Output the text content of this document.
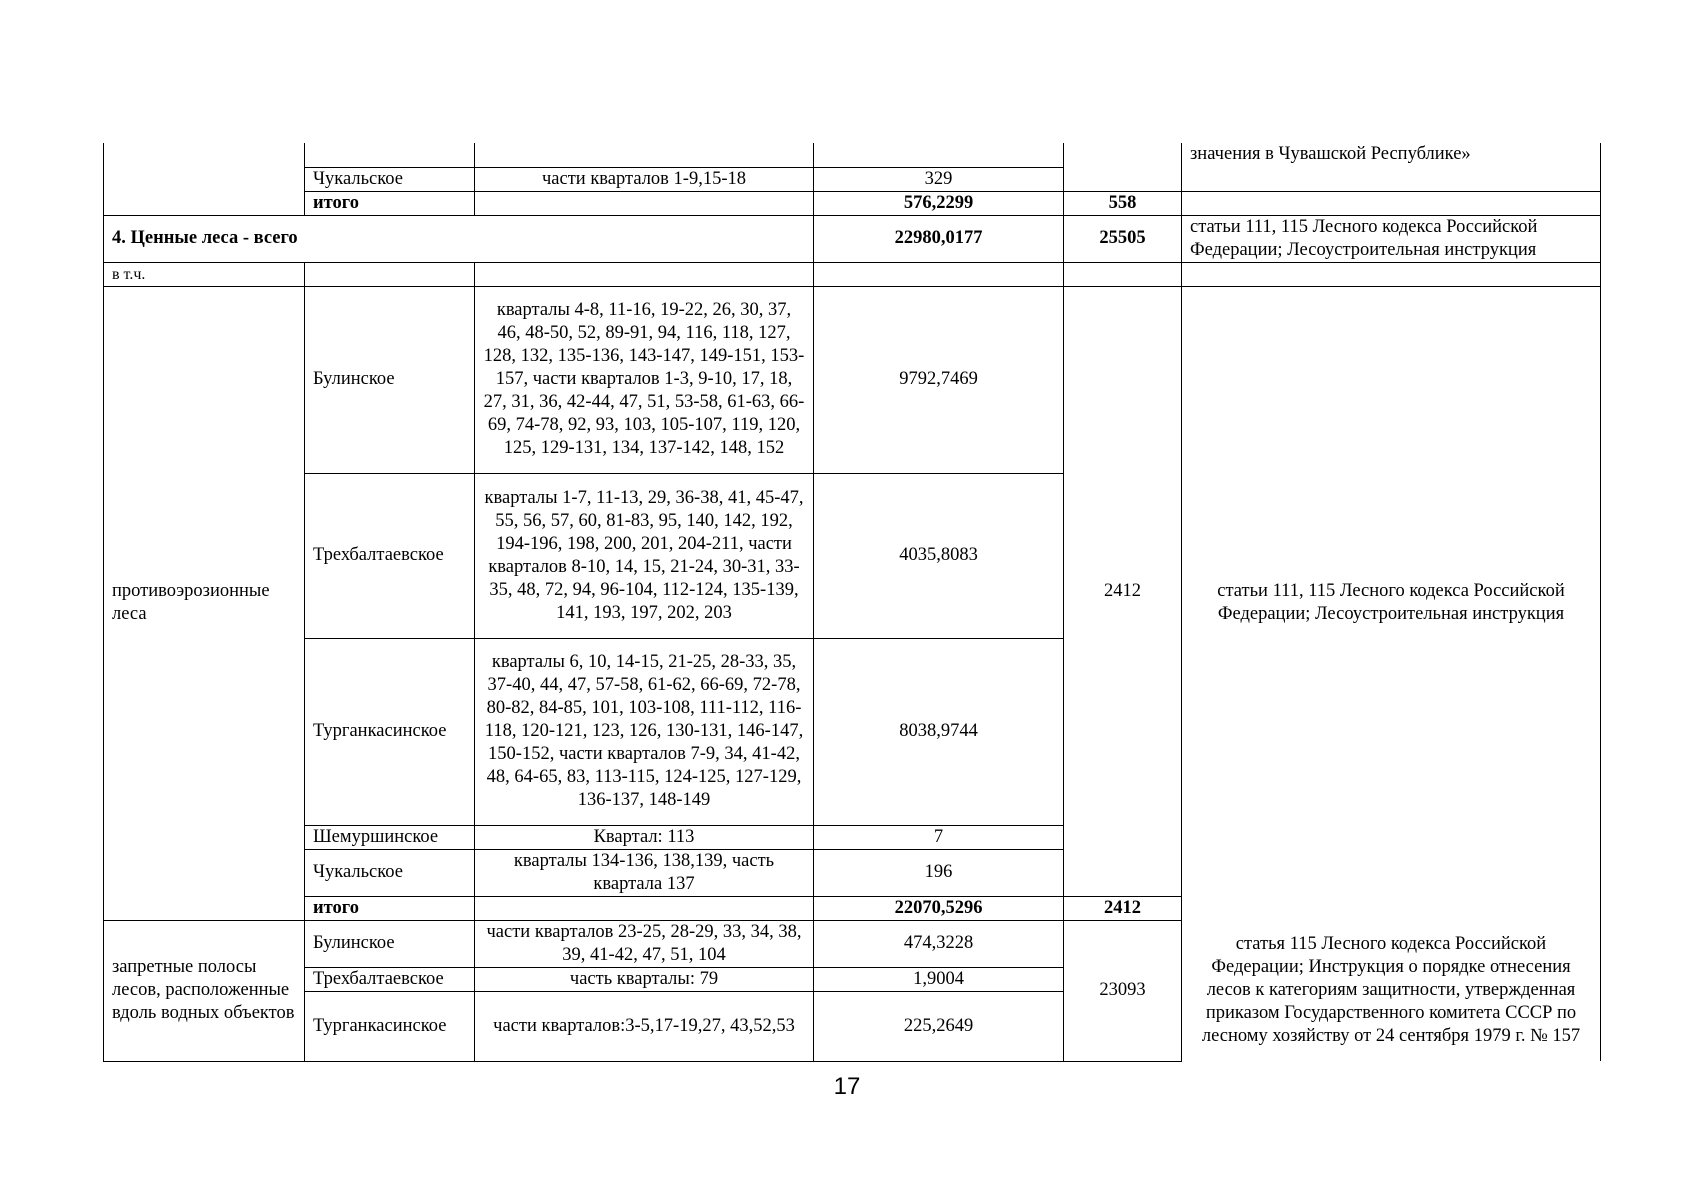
					значения в Чувашской Республике»
	Чукальское	части кварталов 1-9,15-18	329		
	итого		576,2299	558	
4. Ценные леса - всего			22980,0177	25505	статьи 111, 115 Лесного кодекса Российской Федерации; Лесоустроительная инструкция
в т.ч.					
противоэрозионные леса	Булинское	кварталы 4-8, 11-16, 19-22, 26, 30, 37, 46, 48-50, 52, 89-91, 94, 116, 118, 127, 128, 132, 135-136, 143-147, 149-151, 153-157, части кварталов 1-3, 9-10, 17, 18, 27, 31, 36, 42-44, 47, 51, 53-58, 61-63, 66-69, 74-78, 92, 93, 103, 105-107, 119, 120, 125, 129-131, 134, 137-142, 148, 152	9792,7469	2412	статьи 111, 115 Лесного кодекса Российской Федерации; Лесоустроительная инструкция
	Трехбалтаевское	кварталы 1-7, 11-13, 29, 36-38, 41, 45-47, 55, 56, 57, 60, 81-83, 95, 140, 142, 192, 194-196, 198, 200, 201, 204-211, части кварталов 8-10, 14, 15, 21-24, 30-31, 33-35, 48, 72, 94, 96-104, 112-124, 135-139, 141, 193, 197, 202, 203	4035,8083		
	Турганкасинское	кварталы 6, 10, 14-15, 21-25, 28-33, 35, 37-40, 44, 47, 57-58, 61-62, 66-69, 72-78, 80-82, 84-85, 101, 103-108, 111-112, 116-118, 120-121, 123, 126, 130-131, 146-147, 150-152, части кварталов 7-9, 34, 41-42, 48, 64-65, 83, 113-115, 124-125, 127-129, 136-137, 148-149	8038,9744		
	Шемуршинское	Квартал: 113	7		
	Чукальское	кварталы 134-136, 138,139, часть квартала 137	196		
	итого		22070,5296	2412	
запретные полосы лесов, расположенные вдоль водных объектов	Булинское	части кварталов 23-25, 28-29, 33, 34, 38, 39, 41-42, 47, 51, 104	474,3228	23093	статья 115 Лесного кодекса Российской Федерации; Инструкция о порядке отнесения лесов к категориям защитности, утвержденная приказом Государственного комитета СССР по лесному хозяйству от 24 сентября 1979 г. № 157
	Трехбалтаевское	часть кварталы: 79	1,9004		
	Турганкасинское	части кварталов:3-5,17-19,27, 43,52,53	225,2649		
17
